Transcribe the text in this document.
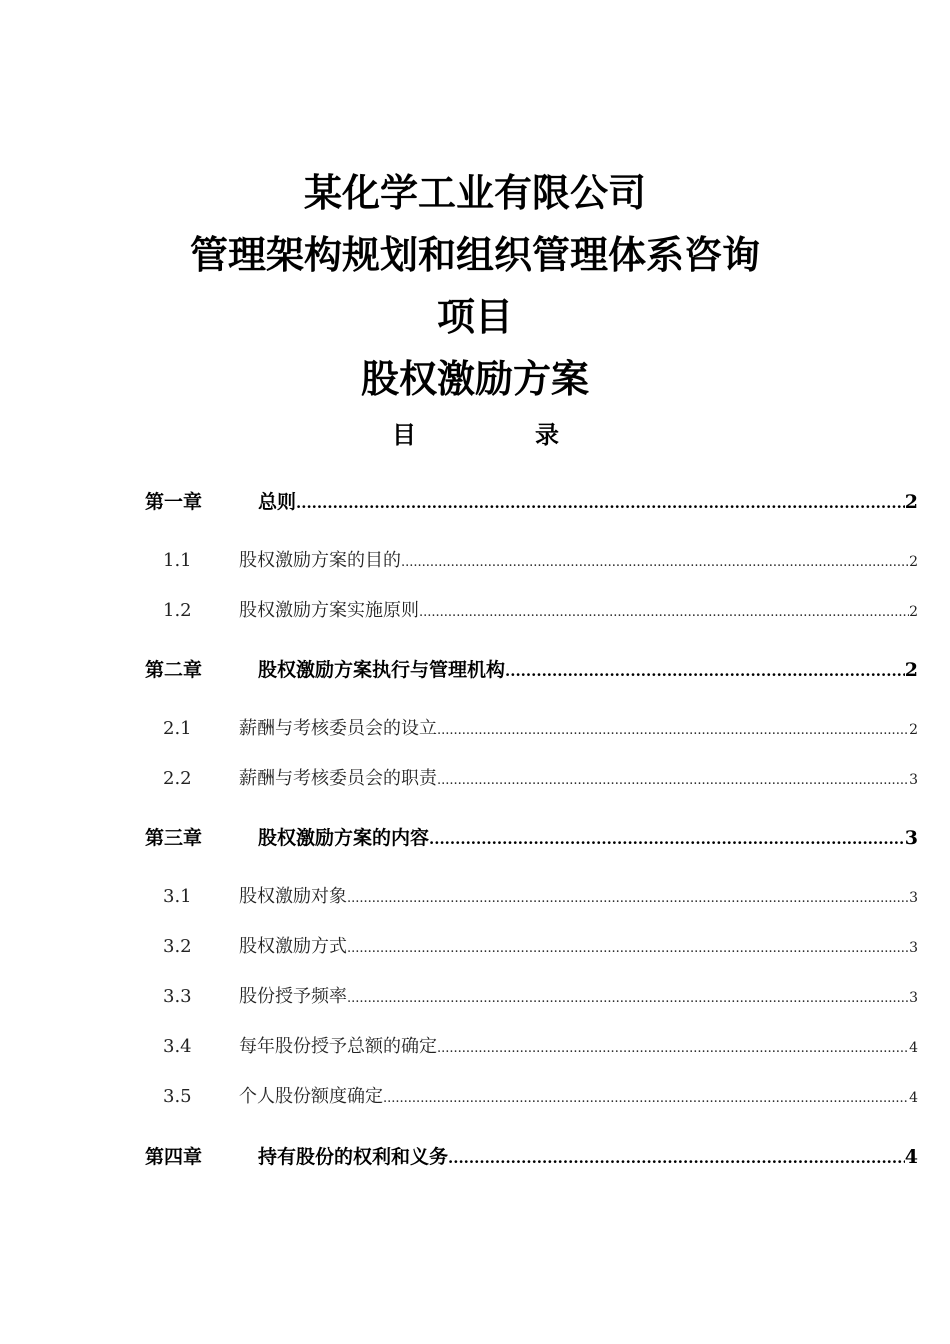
某化学工业有限公司
管理架构规划和组织管理体系咨询
项目
股权激励方案
目	录
第一章	总则 .....	2
1.1	股权激励方案的目的 .....	2
1.2	股权激励方案实施原则 .....	2
第二章	股权激励方案执行与管理机构 .....	2
2.1	薪酬与考核委员会的设立 .....	2
2.2	薪酬与考核委员会的职责 .....	3
第三章	股权激励方案的内容 .....	3
3.1	股权激励对象 .....	3
3.2	股权激励方式 .....	3
3.3	股份授予频率 .....	3
3.4	每年股份授予总额的确定 .....	4
3.5	个人股份额度确定 .....	4
第四章	持有股份的权利和义务 .....	4
